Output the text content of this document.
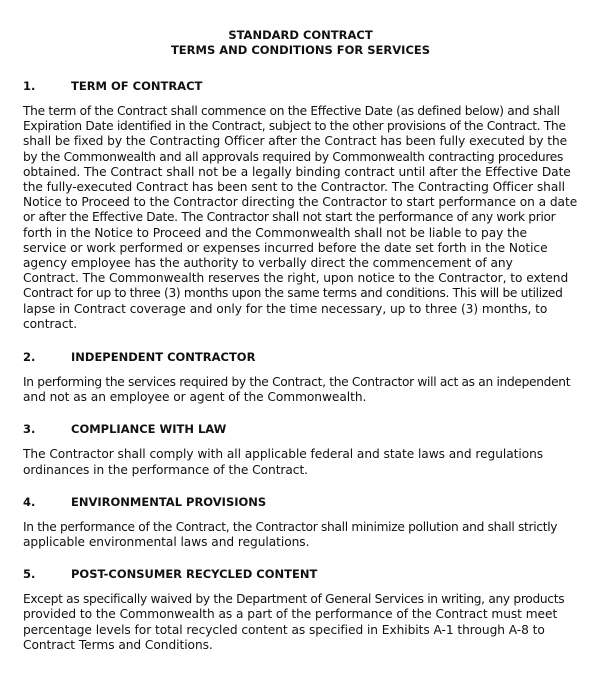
STANDARD CONTRACT

TERMS AND CONDITIONS FOR SERVICES

1.	TERM OF CONTRACT

The term of the Contract shall commence on the Effective Date (as defined below) and shall
Expiration Date identified in the Contract, subject to the other provisions of the Contract. The
shall be fixed by the Contracting Officer after the Contract has been fully executed by the
by the Commonwealth and all approvals required by Commonwealth contracting procedures
obtained. The Contract shall not be a legally binding contract until after the Effective Date
the fully-executed Contract has been sent to the Contractor. The Contracting Officer shall
Notice to Proceed to the Contractor directing the Contractor to start performance on a date
or after the Effective Date. The Contractor shall not start the performance of any work prior
forth in the Notice to Proceed and the Commonwealth shall not be liable to pay the
service or work performed or expenses incurred before the date set forth in the Notice
agency employee has the authority to verbally direct the commencement of any
Contract. The Commonwealth reserves the right, upon notice to the Contractor, to extend
Contract for up to three (3) months upon the same terms and conditions. This will be utilized
lapse in Contract coverage and only for the time necessary, up to three (3) months, to
contract.

2.	INDEPENDENT CONTRACTOR

In performing the services required by the Contract, the Contractor will act as an independent
and not as an employee or agent of the Commonwealth.

3.	COMPLIANCE WITH LAW

The Contractor shall comply with all applicable federal and state laws and regulations
ordinances in the performance of the Contract.

4.	ENVIRONMENTAL PROVISIONS

In the performance of the Contract, the Contractor shall minimize pollution and shall strictly
applicable environmental laws and regulations.

5.	POST-CONSUMER RECYCLED CONTENT

Except as specifically waived by the Department of General Services in writing, any products
provided to the Commonwealth as a part of the performance of the Contract must meet
percentage levels for total recycled content as specified in Exhibits A-1 through A-8 to
Contract Terms and Conditions.
